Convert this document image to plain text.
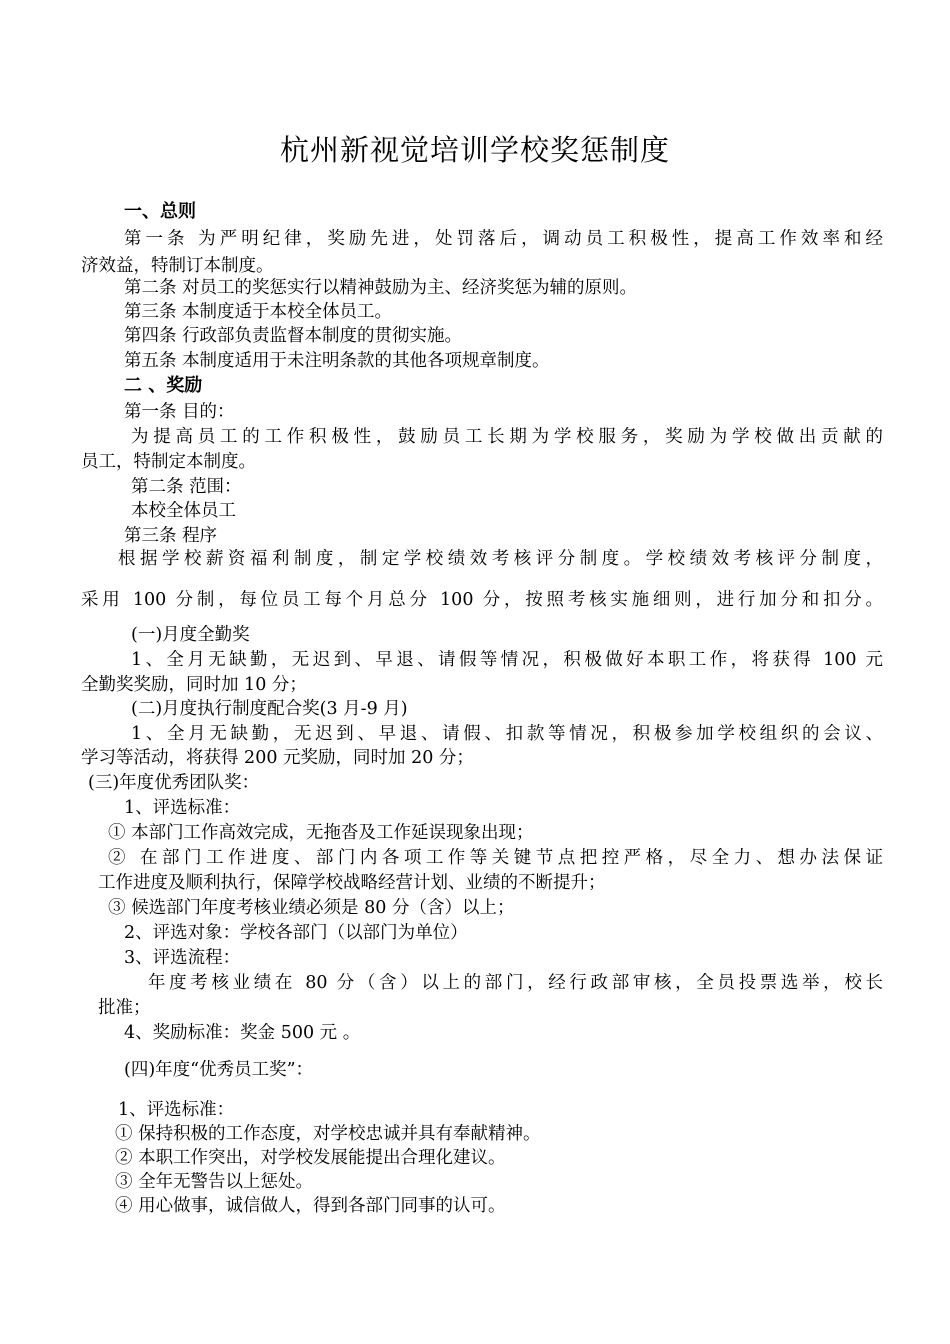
杭州新视觉培训学校奖惩制度
一、总则
第一条 为严明纪律，奖励先进，处罚落后，调动员工积极性，提高工作效率和经
济效益，特制订本制度。
第二条 对员工的奖惩实行以精神鼓励为主、经济奖惩为辅的原则。
第三条 本制度适于本校全体员工。
第四条 行政部负责监督本制度的贯彻实施。
第五条 本制度适用于未注明条款的其他各项规章制度。
二 、奖励
第一条 目的：
为提高员工的工作积极性，鼓励员工长期为学校服务，奖励为学校做出贡献的
员工，特制定本制度。
第二条 范围：
本校全体员工
第三条 程序
根据学校薪资福利制度，制定学校绩效考核评分制度。学校绩效考核评分制度，
采用 100 分制，每位员工每个月总分 100 分，按照考核实施细则，进行加分和扣分。
(一)月度全勤奖
1、全月无缺勤，无迟到、早退、请假等情况，积极做好本职工作，将获得 100 元
全勤奖奖励，同时加 10 分；
(二)月度执行制度配合奖(3 月-9 月)
1、全月无缺勤，无迟到、早退、请假、扣款等情况，积极参加学校组织的会议、
学习等活动，将获得 200 元奖励，同时加 20 分；
(三)年度优秀团队奖：
1、评选标准：
① 本部门工作高效完成，无拖沓及工作延误现象出现；
② 在部门工作进度、部门内各项工作等关键节点把控严格，尽全力、想办法保证
工作进度及顺利执行，保障学校战略经营计划、业绩的不断提升；
③ 候选部门年度考核业绩必须是 80 分（含）以上；
2、评选对象：学校各部门（以部门为单位）
3、评选流程：
年度考核业绩在 80 分（含）以上的部门，经行政部审核，全员投票选举，校长
批准；
4、奖励标准：奖金 500 元 。
(四)年度“优秀员工奖”：
1、评选标准：
① 保持积极的工作态度，对学校忠诚并具有奉献精神。
② 本职工作突出，对学校发展能提出合理化建议。
③ 全年无警告以上惩处。
④ 用心做事，诚信做人，得到各部门同事的认可。
